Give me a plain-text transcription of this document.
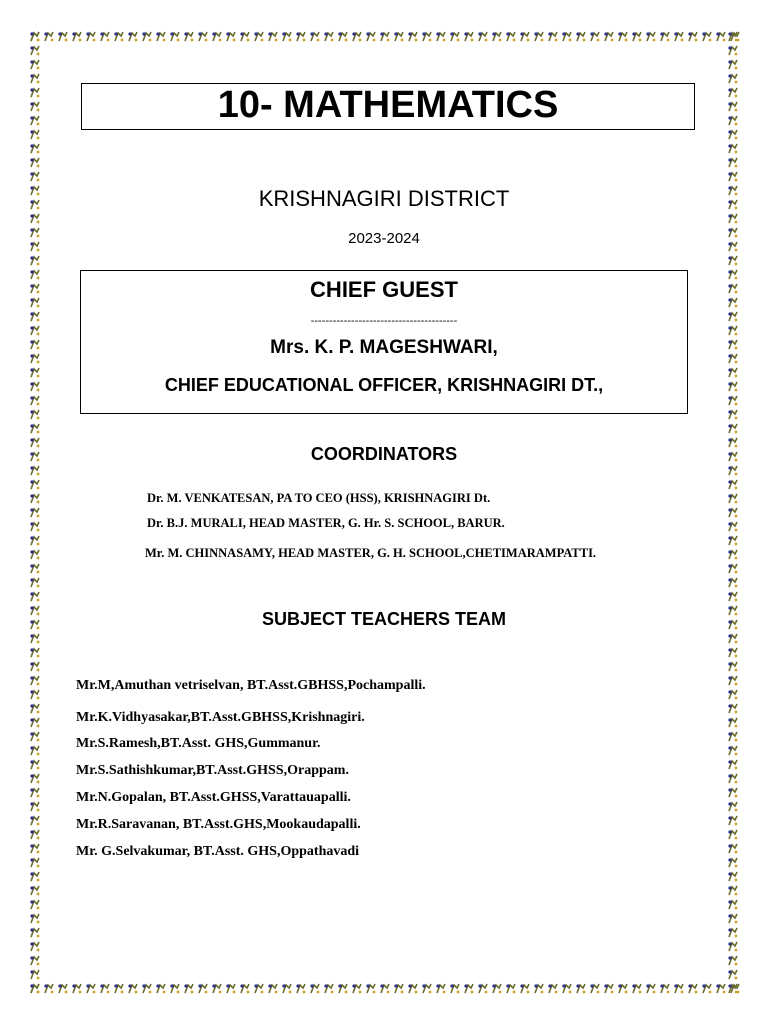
10- MATHEMATICS
KRISHNAGIRI DISTRICT
2023-2024
CHIEF GUEST
----------------------------------------
Mrs. K. P. MAGESHWARI,
CHIEF EDUCATIONAL OFFICER, KRISHNAGIRI DT.,
COORDINATORS
Dr. M. VENKATESAN, PA TO CEO (HSS), KRISHNAGIRI Dt.
Dr. B.J. MURALI, HEAD MASTER, G. Hr. S. SCHOOL, BARUR.
Mr. M. CHINNASAMY, HEAD MASTER, G. H. SCHOOL,CHETIMARAMPATTI.
SUBJECT TEACHERS TEAM
Mr.M,Amuthan vetriselvan, BT.Asst.GBHSS,Pochampalli.
Mr.K.Vidhyasakar,BT.Asst.GBHSS,Krishnagiri.
Mr.S.Ramesh,BT.Asst. GHS,Gummanur.
Mr.S.Sathishkumar,BT.Asst.GHSS,Orappam.
Mr.N.Gopalan, BT.Asst.GHSS,Varattauapalli.
Mr.R.Saravanan, BT.Asst.GHS,Mookaudapalli.
Mr. G.Selvakumar, BT.Asst. GHS,Oppathavadi
